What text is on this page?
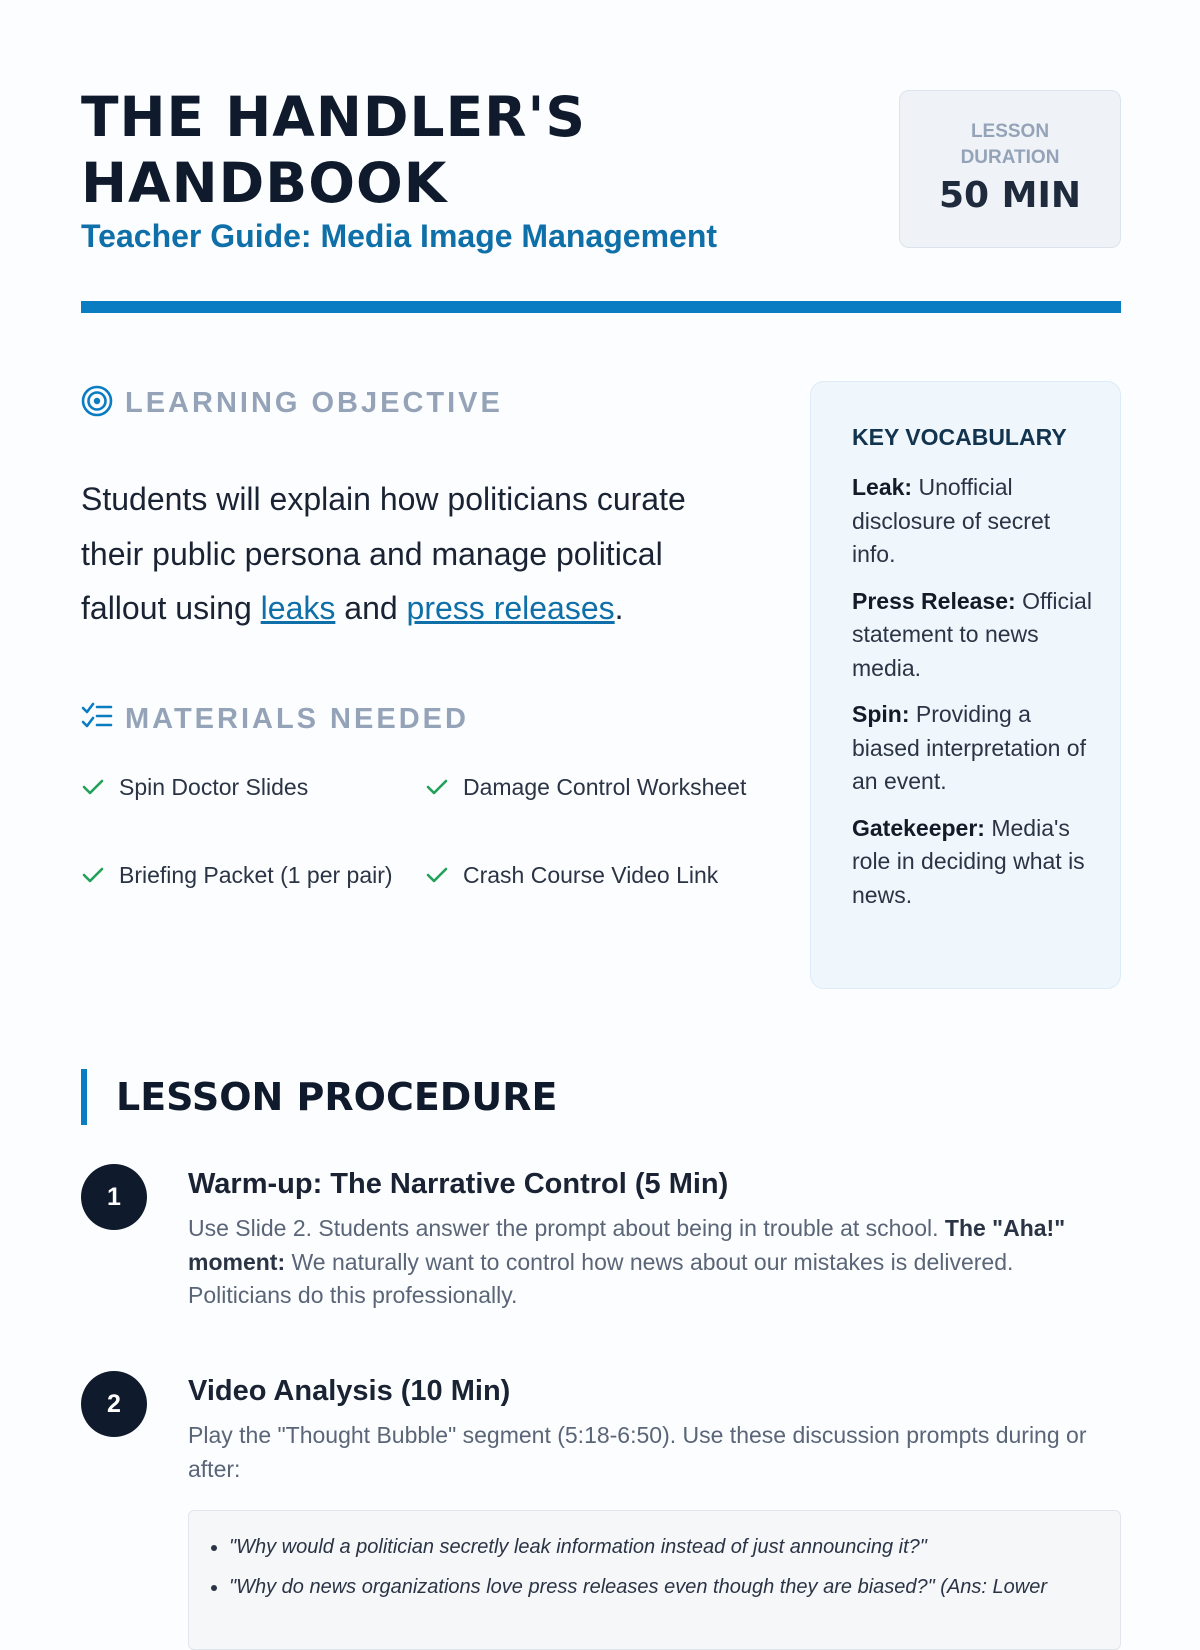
THE HANDLER'S
HANDBOOK
Teacher Guide: Media Image Management
LESSON
DURATION
50 MIN
LEARNING OBJECTIVE

Students will explain how politicians curate their public persona and manage political fallout using leaks and press releases.

MATERIALS NEEDED
Spin Doctor Slides	Damage Control Worksheet
Briefing Packet (1 per pair)	Crash Course Video Link
KEY VOCABULARY

Leak: Unofficial disclosure of secret info.

Press Release: Official statement to news media.

Spin: Providing a biased interpretation of an event.

Gatekeeper: Media's role in deciding what is news.

LESSON PROCEDURE
1	Warm-up: The Narrative Control (5 Min)

Use Slide 2. Students answer the prompt about being in trouble at school. The "Aha!" moment: We naturally want to control how news about our mistakes is delivered. Politicians do this professionally.

2	Video Analysis (10 Min)

Play the "Thought Bubble" segment (5:18-6:50). Use these discussion prompts during or after:

• "Why would a politician secretly leak information instead of just announcing it?"
• "Why do news organizations love press releases even though they are biased?" (Ans: Lower
